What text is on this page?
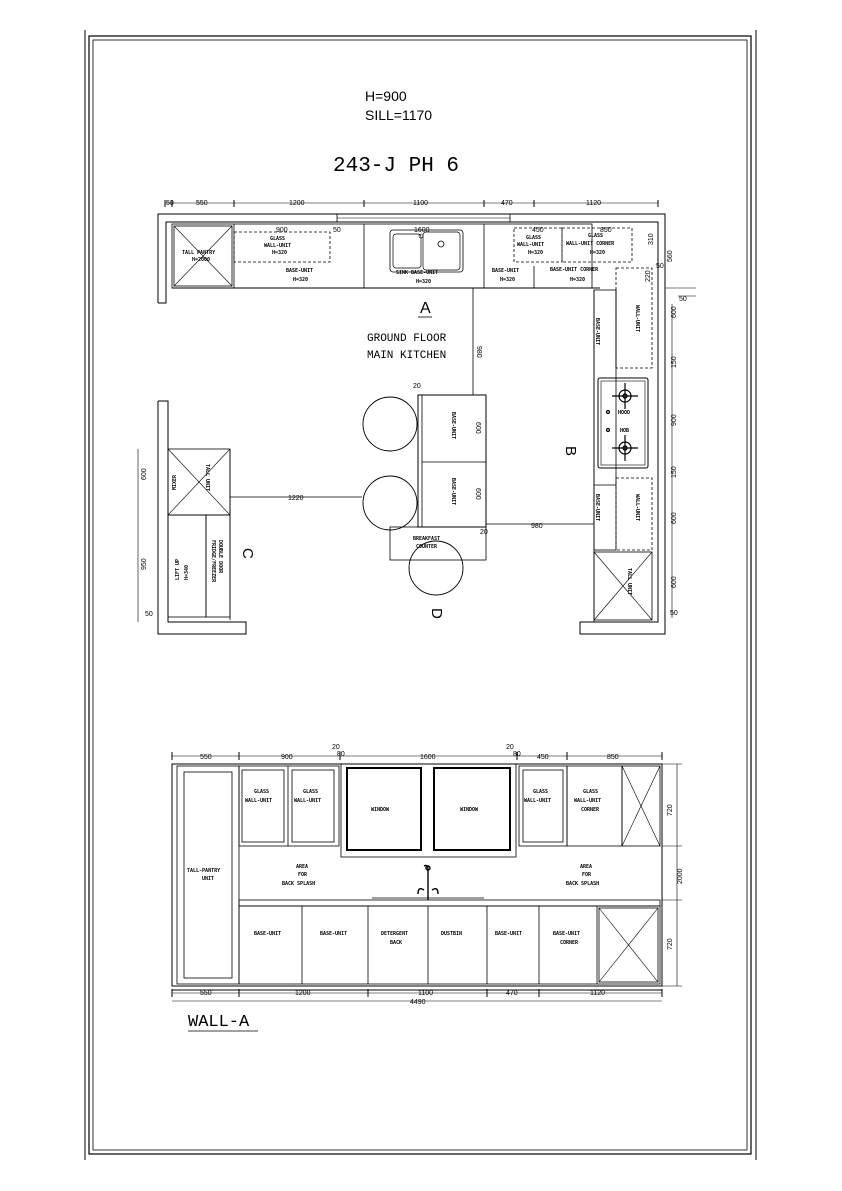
H=900
SILL=1170
243-J PH 6
50	550	1200	1100	470	1120
TALL PANTRY
H=2000
900
GLASS
WALL-UNIT
H=320
BASE-UNIT
H=320
50	1600
SINK BASE-UNIT
H=320
450	850
GLASS
WALL-UNIT
H=320
GLASS
WALL-UNIT CORNER
H=320
BASE-UNIT
H=320
BASE-UNIT CORNER
H=320
310
560
50
50
220
A
GROUND FLOOR
MAIN KITCHEN	980
20
BASE-UNIT	WALL-UNIT
HOOD
HOB
BASE-UNIT	WALL-UNIT
TALL UNIT
B
600
150
900
150
600
600
50
BASE-UNIT
BASE-UNIT
600
600
BREAKFAST
COUNTER
1220
980
20
D
MIXER	TALL UNIT
LIFT UP H=340	FRIDGE/FREEZER DOUBLE DOOR C
600
950
50
550	900	1600	450	850
20
80
20
80
TALL-PANTRY
UNIT
GLASS
WALL-UNIT
GLASS
WALL-UNIT
WINDOW	WINDOW
GLASS
WALL-UNIT
GLASS
WALL-UNIT
CORNER
AREA
FOR
BACK SPLASH
AREA
FOR
BACK SPLASH
BASE-UNIT	BASE-UNIT	DETERGENT
BACK
DUSTBIN	BASE-UNIT	BASE-UNIT
CORNER
720
2000
720
550	1200	1100	470	1120
4490
WALL-A
